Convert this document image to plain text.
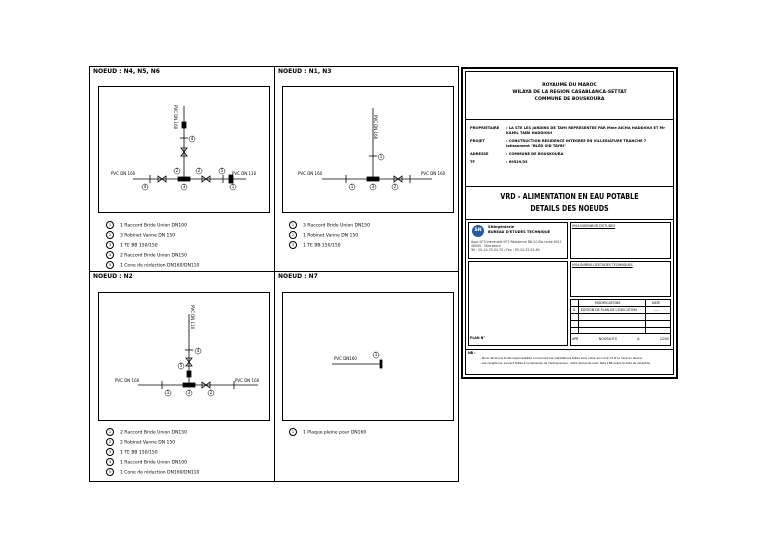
NOEUD : N4, N5, N6
4	3	1
2	2	5
4
PVC DN 160	PVC DN 110
PVC DN 160
1 1 Raccord Bride Union DN100
2 3 Robinet Vanne DN 150
3 1 TE BB 150/150
4 2 Raccord Bride Union DN150
5 1 Cone de réduction DN160/DN110
NOEUD : N1, N3
1	3	2
1
PVC DN 160	PVC DN 160
PVC DN 160
1 3 Raccord Bride Union DN150
2 1 Robinet Vanne DN 150
3 1 TE BB 150/150
NOEUD : N2
1	3	2
4
5
PVC DN 160	PVC DN 160
PVC DN 110
1 2 Raccord Bride Union DN150
2 2 Robinet Vanne DN 150
3 1 TE BB 150/150
4 1 Raccord Bride Union DN100
5 1 Cone de réduction DN160/DN110
NOEUD : N7
1
PVC DN160
1 1 Plaque pleine pour DN160
ROYAUME DU MAROC
WILAYA DE LA REGION CASABLANCA-SETTAT
COMMUNE DE BOUSKOURA
PROPRIETAIRE	: LA STE LES JARDINS DE TAMI REPRESENTEE PAR Mme AICHA HADDIOUI ET Mr KAMIL TAIBI HADDIOUI
PROJET	: CONSTRUCTION RESIDENCE INTEGREE EN VILLEGIATURE TRANCHE 7 lotissement "BLED SID TAYBI"
ADRESSE	: COMMUNE DE BOUSKOURA
TF	: 69529/33
VRD - ALIMENTATION EN EAU POTABLE
DETAILS DES NOEUDS
SN
SNIngénierie
BUREAU D'ETUDES TECHNIQUE
Appt N°3 Immeuble N°2 Résidence BN 20 Bis route 6011
40000 - Marrakech
Tel : 05-24-33-04-70 / Fax : 05-24-33-55-60
VISA INGENIEUR D'ETUDES
PLAN N°
VISA BUREAU D'ETUDES TECHNIQUES
MODIFICATIONS	DATE
A EDITION DE PLAN DE L'EXECUTION	----
APR	NO/05LOTS	A	1/200
NB :
- Nous déclinons toute responsabilité concernant les installations faites sans notre accord écrit et la mise en œuvre.
- Les réceptions, suivant faites à la demande de l'entrepreneur, notre demande avec faite 15B avant la date de réception.
